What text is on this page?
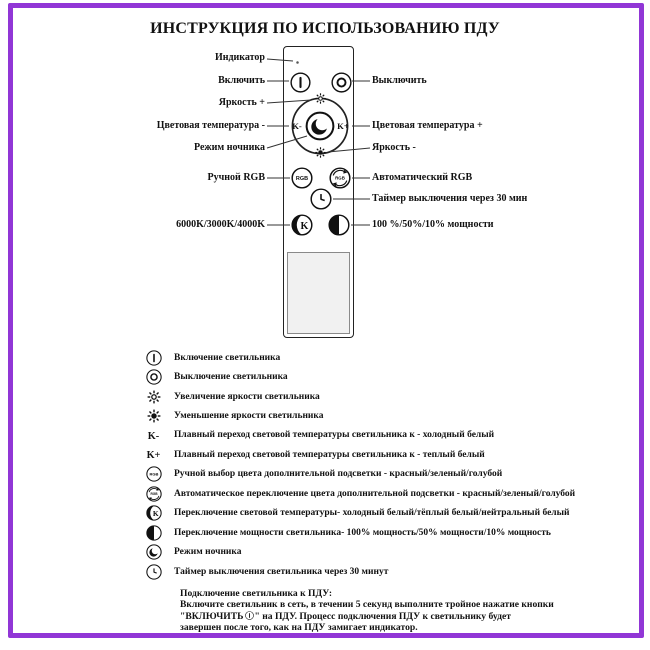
ИНСТРУКЦИЯ ПО ИСПОЛЬЗОВАНИЮ ПДУ
K-	K+
RGB	RGB
K
Индикатор
Включить
Яркость +
Цветовая температура -
Режим ночника
Ручной RGB
6000K/3000K/4000K
Выключить
Цветовая температура +
Яркость -
Автоматический RGB
Таймер выключения через 30 мин
100 %/50%/10% мощности
Включение светильника
Выключение светильника
Увеличение яркости светильника
Уменьшение яркости светильника
K- Плавный переход световой температуры светильника к - холодный белый
K+ Плавный переход световой температуры светильника к - теплый белый
RGB Ручной выбор цвета дополнительной подсветки - красный/зеленый/голубой
RGB Автоматическое переключение цвета дополнительной подсветки - красный/зеленый/голубой
K Переключение световой температуры- холодный белый/тёплый белый/нейтральный белый
Переключение мощности светильника- 100% мощность/50% мощности/10% мощность
Режим ночника
Таймер выключения светильника через 30 минут
Подключение светильника к ПДУ:
Включите светильник в сеть, в течении 5 секунд выполните тройное нажатие кнопки
"ВКЛЮЧИТЬ " на ПДУ. Процесс подключения ПДУ к светильнику будет
завершен после того, как на ПДУ замигает индикатор.
